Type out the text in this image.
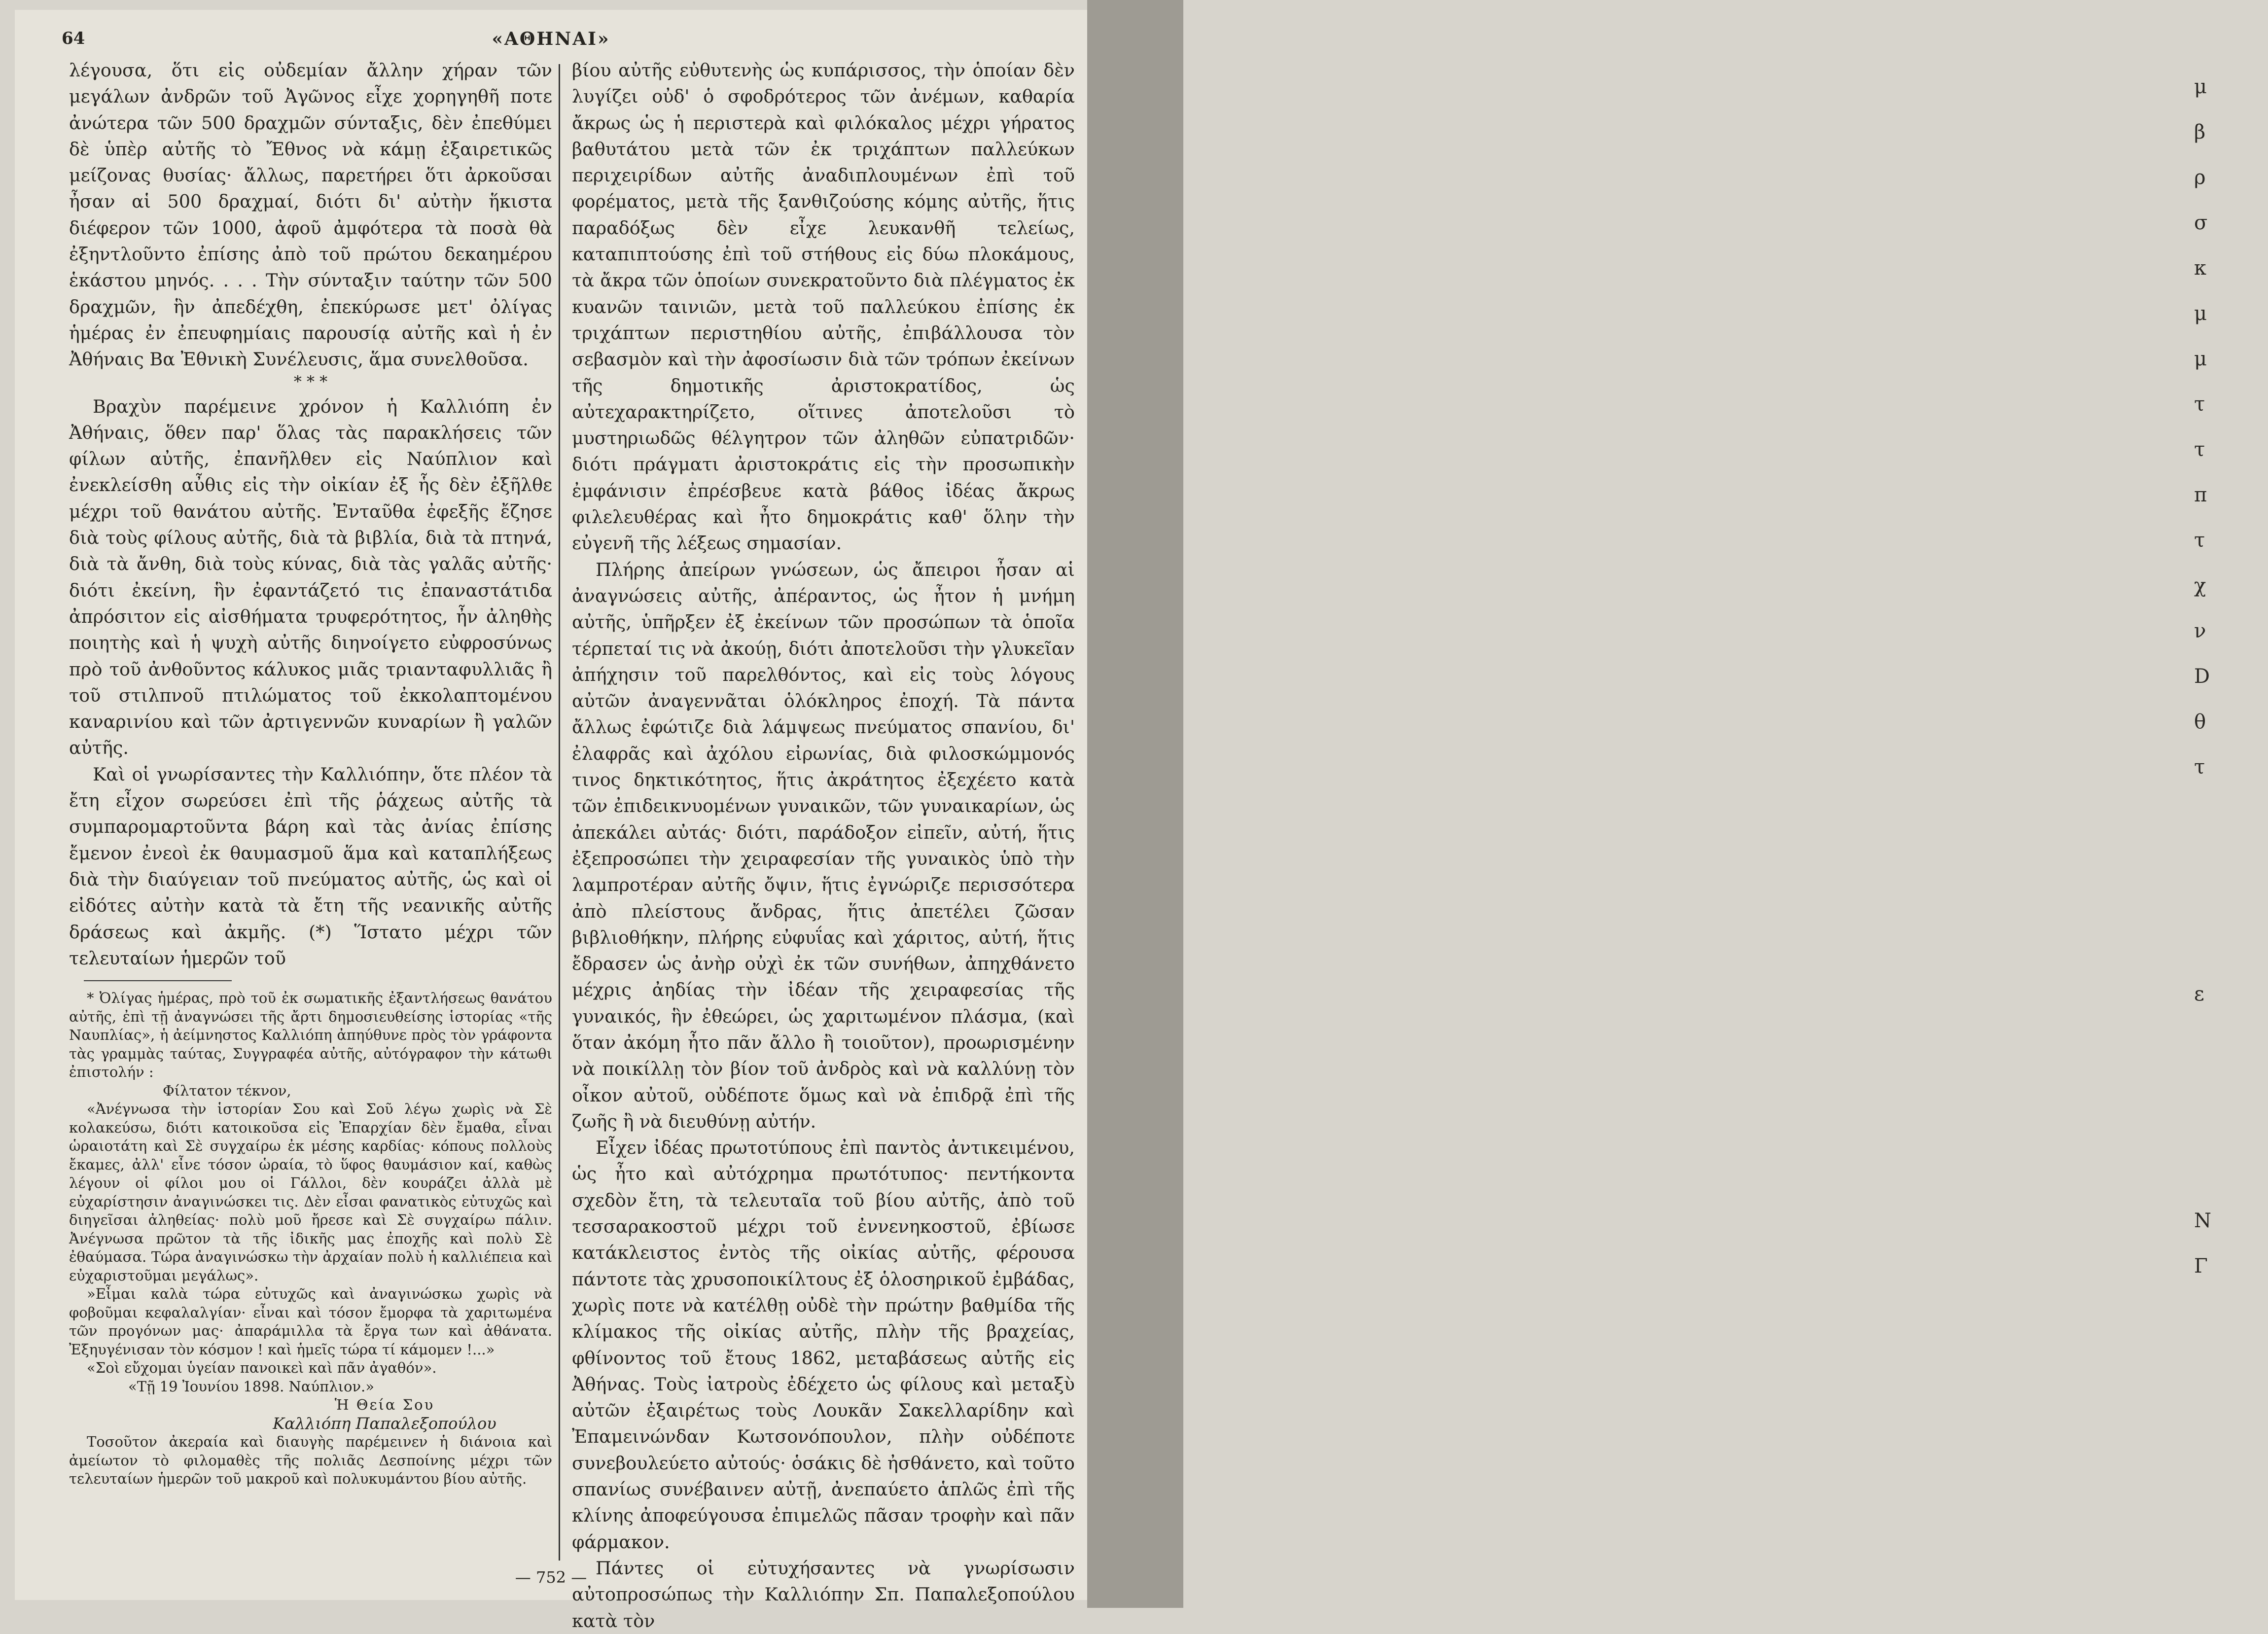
64	«ΑΘΗΝΑΙ»

λέγουσα, ὅτι εἰς οὐδεμίαν ἄλλην χήραν τῶν μεγάλων ἀνδρῶν τοῦ Ἀγῶνος εἶχε χορηγηθῆ ποτε ἀνώτερα τῶν 500 δραχμῶν σύνταξις, δὲν ἐπεθύμει δὲ ὑπὲρ αὐτῆς τὸ Ἔθνος νὰ κάμῃ ἐξαιρετικῶς μείζονας θυσίας· ἄλλως, παρετήρει ὅτι ἀρκοῦσαι ἦσαν αἱ 500 δραχμαί, διότι δι' αὐτὴν ἥκιστα διέφερον τῶν 1000, ἀφοῦ ἀμφότερα τὰ ποσὰ θὰ ἐξηντλοῦντο ἐπίσης ἀπὸ τοῦ πρώτου δεκαημέρου ἑκάστου μηνός. . . . Τὴν σύνταξιν ταύτην τῶν 500 δραχμῶν, ἣν ἀπεδέχθη, ἐπεκύρωσε μετ' ὀλίγας ἡμέρας ἐν ἐπευφημίαις παρουσίᾳ αὐτῆς καὶ ἡ ἐν Ἀθήναις Βα Ἐθνικὴ Συνέλευσις, ἅμα συνελθοῦσα.

* * *

Βραχὺν παρέμεινε χρόνον ἡ Καλλιόπη ἐν Ἀθήναις, ὅθεν παρ' ὅλας τὰς παρακλήσεις τῶν φίλων αὐτῆς, ἐπανῆλθεν εἰς Ναύπλιον καὶ ἐνεκλείσθη αὖθις εἰς τὴν οἰκίαν ἐξ ἧς δὲν ἐξῆλθε μέχρι τοῦ θανάτου αὐτῆς. Ἐνταῦθα ἐφεξῆς ἔζησε διὰ τοὺς φίλους αὐτῆς, διὰ τὰ βιβλία, διὰ τὰ πτηνά, διὰ τὰ ἄνθη, διὰ τοὺς κύνας, διὰ τὰς γαλᾶς αὐτῆς· διότι ἐκείνη, ἣν ἐφαντάζετό τις ἐπαναστάτιδα ἀπρόσιτον εἰς αἰσθήματα τρυφερότητος, ἦν ἀληθὴς ποιητὴς καὶ ἡ ψυχὴ αὐτῆς διηνοίγετο εὐφροσύνως πρὸ τοῦ ἀνθοῦντος κάλυκος μιᾶς τριανταφυλλιᾶς ἢ τοῦ στιλπνοῦ πτιλώματος τοῦ ἐκκολαπτομένου καναρινίου καὶ τῶν ἀρτιγεννῶν κυναρίων ἢ γαλῶν αὐτῆς.

Καὶ οἱ γνωρίσαντες τὴν Καλλιόπην, ὅτε πλέον τὰ ἔτη εἶχον σωρεύσει ἐπὶ τῆς ῥάχεως αὐτῆς τὰ συμπαρομαρτοῦντα βάρη καὶ τὰς ἀνίας ἐπίσης ἔμενον ἐνεοὶ ἐκ θαυμασμοῦ ἅμα καὶ καταπλήξεως διὰ τὴν διαύγειαν τοῦ πνεύματος αὐτῆς, ὡς καὶ οἱ εἰδότες αὐτὴν κατὰ τὰ ἔτη τῆς νεανικῆς αὐτῆς δράσεως καὶ ἀκμῆς. (*) Ἵστατο μέχρι τῶν τελευταίων ἡμερῶν τοῦ

* Ὀλίγας ἡμέρας, πρὸ τοῦ ἐκ σωματικῆς ἐξαντλήσεως θανάτου αὐτῆς, ἐπὶ τῇ ἀναγνώσει τῆς ἄρτι δημοσιευθείσης ἱστορίας «τῆς Ναυπλίας», ἡ ἀείμνηστος Καλλιόπη ἀπηύθυνε πρὸς τὸν γράφοντα τὰς γραμμὰς ταύτας, Συγγραφέα αὐτῆς, αὐτόγραφον τὴν κάτωθι ἐπιστολήν :

Φίλτατον τέκνον,

«Ἀνέγνωσα τὴν ἱστορίαν Σου καὶ Σοῦ λέγω χωρὶς νὰ Σὲ κολακεύσω, διότι κατοικοῦσα εἰς Ἐπαρχίαν δὲν ἔμαθα, εἶναι ὡραιοτάτη καὶ Σὲ συγχαίρω ἐκ μέσης καρδίας· κόπους πολλοὺς ἔκαμες, ἀλλ' εἶνε τόσον ὡραία, τὸ ὕφος θαυμάσιον καί, καθὼς λέγουν οἱ φίλοι μου οἱ Γάλλοι, δὲν κουράζει ἀλλὰ μὲ εὐχαρίστησιν ἀναγινώσκει τις. Δὲν εἶσαι φανατικὸς εὐτυχῶς καὶ διηγεῖσαι ἀληθείας· πολὺ μοῦ ἤρεσε καὶ Σὲ συγχαίρω πάλιν. Ἀνέγνωσα πρῶτον τὰ τῆς ἰδικῆς μας ἐποχῆς καὶ πολὺ Σὲ ἐθαύμασα. Τώρα ἀναγινώσκω τὴν ἀρχαίαν πολὺ ἡ καλλιέπεια καὶ εὐχαριστοῦμαι μεγάλως».

»Εἶμαι καλὰ τώρα εὐτυχῶς καὶ ἀναγινώσκω χωρὶς νὰ φοβοῦμαι κεφαλαλγίαν· εἶναι καὶ τόσον ἔμορφα τὰ χαριτωμένα τῶν προγόνων μας· ἀπαράμιλλα τὰ ἔργα των καὶ ἀθάνατα. Ἐξηυγένισαν τὸν κόσμον ! καὶ ἡμεῖς τώρα τί κάμομεν !...»

«Σοὶ εὔχομαι ὑγείαν πανοικεὶ καὶ πᾶν ἀγαθόν».

«Τῇ 19 Ἰουνίου 1898. Ναύπλιον.»

Ἡ Θεία Σου

Καλλιόπη Παπαλεξοπούλου

Τοσοῦτον ἀκεραία καὶ διαυγὴς παρέμεινεν ἡ διάνοια καὶ ἀμείωτον τὸ φιλομαθὲς τῆς πολιᾶς Δεσποίνης μέχρι τῶν τελευταίων ἡμερῶν τοῦ μακροῦ καὶ πολυκυμάντου βίου αὐτῆς.

βίου αὐτῆς εὐθυτενὴς ὡς κυπάρισσος, τὴν ὁποίαν δὲν λυγίζει οὐδ' ὁ σφοδρότερος τῶν ἀνέμων, καθαρία ἄκρως ὡς ἡ περιστερὰ καὶ φιλόκαλος μέχρι γήρατος βαθυτάτου μετὰ τῶν ἐκ τριχάπτων παλλεύκων περιχειρίδων αὐτῆς ἀναδιπλουμένων ἐπὶ τοῦ φορέματος, μετὰ τῆς ξανθιζούσης κόμης αὐτῆς, ἥτις παραδόξως δὲν εἶχε λευκανθῆ τελείως, καταπιπτούσης ἐπὶ τοῦ στήθους εἰς δύω πλοκάμους, τὰ ἄκρα τῶν ὁποίων συνεκρατοῦντο διὰ πλέγματος ἐκ κυανῶν ταινιῶν, μετὰ τοῦ παλλεύκου ἐπίσης ἐκ τριχάπτων περιστηθίου αὐτῆς, ἐπιβάλλουσα τὸν σεβασμὸν καὶ τὴν ἀφοσίωσιν διὰ τῶν τρόπων ἐκείνων τῆς δημοτικῆς ἀριστοκρατίδος, ὡς αὐτεχαρακτηρίζετο, οἵτινες ἀποτελοῦσι τὸ μυστηριωδῶς θέλγητρον τῶν ἀληθῶν εὐπατριδῶν· διότι πράγματι ἀριστοκράτις εἰς τὴν προσωπικὴν ἐμφάνισιν ἐπρέσβευε κατὰ βάθος ἰδέας ἄκρως φιλελευθέρας καὶ ἦτο δημοκράτις καθ' ὅλην τὴν εὐγενῆ τῆς λέξεως σημασίαν.

Πλήρης ἀπείρων γνώσεων, ὡς ἄπειροι ἦσαν αἱ ἀναγνώσεις αὐτῆς, ἀπέραντος, ὡς ἦτον ἡ μνήμη αὐτῆς, ὑπῆρξεν ἐξ ἐκείνων τῶν προσώπων τὰ ὁποῖα τέρπεταί τις νὰ ἀκούῃ, διότι ἀποτελοῦσι τὴν γλυκεῖαν ἀπήχησιν τοῦ παρελθόντος, καὶ εἰς τοὺς λόγους αὐτῶν ἀναγεννᾶται ὁλόκληρος ἐποχή. Τὰ πάντα ἄλλως ἐφώτιζε διὰ λάμψεως πνεύματος σπανίου, δι' ἐλαφρᾶς καὶ ἀχόλου εἰρωνίας, διὰ φιλοσκώμμονός τινος δηκτικότητος, ἥτις ἀκράτητος ἐξεχέετο κατὰ τῶν ἐπιδεικνυομένων γυναικῶν, τῶν γυναικαρίων, ὡς ἀπεκάλει αὐτάς· διότι, παράδοξον εἰπεῖν, αὐτή, ἥτις ἐξεπροσώπει τὴν χειραφεσίαν τῆς γυναικὸς ὑπὸ τὴν λαμπροτέραν αὐτῆς ὄψιν, ἥτις ἐγνώριζε περισσότερα ἀπὸ πλείστους ἄνδρας, ἥτις ἀπετέλει ζῶσαν βιβλιοθήκην, πλήρης εὐφυΐας καὶ χάριτος, αὐτή, ἥτις ἔδρασεν ὡς ἀνὴρ οὐχὶ ἐκ τῶν συνήθων, ἀπηχθάνετο μέχρις ἀηδίας τὴν ἰδέαν τῆς χειραφεσίας τῆς γυναικός, ἣν ἐθεώρει, ὡς χαριτωμένον πλάσμα, (καὶ ὅταν ἀκόμη ἦτο πᾶν ἄλλο ἢ τοιοῦτον), προωρισμένην νὰ ποικίλλῃ τὸν βίον τοῦ ἀνδρὸς καὶ νὰ καλλύνῃ τὸν οἶκον αὐτοῦ, οὐδέποτε ὅμως καὶ νὰ ἐπιδρᾷ ἐπὶ τῆς ζωῆς ἢ νὰ διευθύνῃ αὐτήν.

Εἶχεν ἰδέας πρωτοτύπους ἐπὶ παντὸς ἀντικειμένου, ὡς ἦτο καὶ αὐτόχρημα πρωτότυπος· πεντήκοντα σχεδὸν ἔτη, τὰ τελευταῖα τοῦ βίου αὐτῆς, ἀπὸ τοῦ τεσσαρακοστοῦ μέχρι τοῦ ἐννενηκοστοῦ, ἐβίωσε κατάκλειστος ἐντὸς τῆς οἰκίας αὐτῆς, φέρουσα πάντοτε τὰς χρυσοποικίλτους ἐξ ὁλοσηρικοῦ ἐμβάδας, χωρὶς ποτε νὰ κατέλθῃ οὐδὲ τὴν πρώτην βαθμίδα τῆς κλίμακος τῆς οἰκίας αὐτῆς, πλὴν τῆς βραχείας, φθίνοντος τοῦ ἔτους 1862, μεταβάσεως αὐτῆς εἰς Ἀθήνας. Τοὺς ἰατροὺς ἐδέχετο ὡς φίλους καὶ μεταξὺ αὐτῶν ἐξαιρέτως τοὺς Λουκᾶν Σακελλαρίδην καὶ Ἐπαμεινώνδαν Κωτσονόπουλον, πλὴν οὐδέποτε συνεβουλεύετο αὐτούς· ὁσάκις δὲ ἠσθάνετο, καὶ τοῦτο σπανίως συνέβαινεν αὐτῇ, ἀνεπαύετο ἁπλῶς ἐπὶ τῆς κλίνης ἀποφεύγουσα ἐπιμελῶς πᾶσαν τροφὴν καὶ πᾶν φάρμακον.

Πάντες οἱ εὐτυχήσαντες νὰ γνωρίσωσιν αὐτοπροσώπως τὴν Καλλιόπην Σπ. Παπαλεξοπούλου κατὰ τὸν

— 752 —
μ
β
ρ
σ
κ
μ
μ
τ
τ
π
τ
χ
ν
D
θ
τ

ε

N
Γ
